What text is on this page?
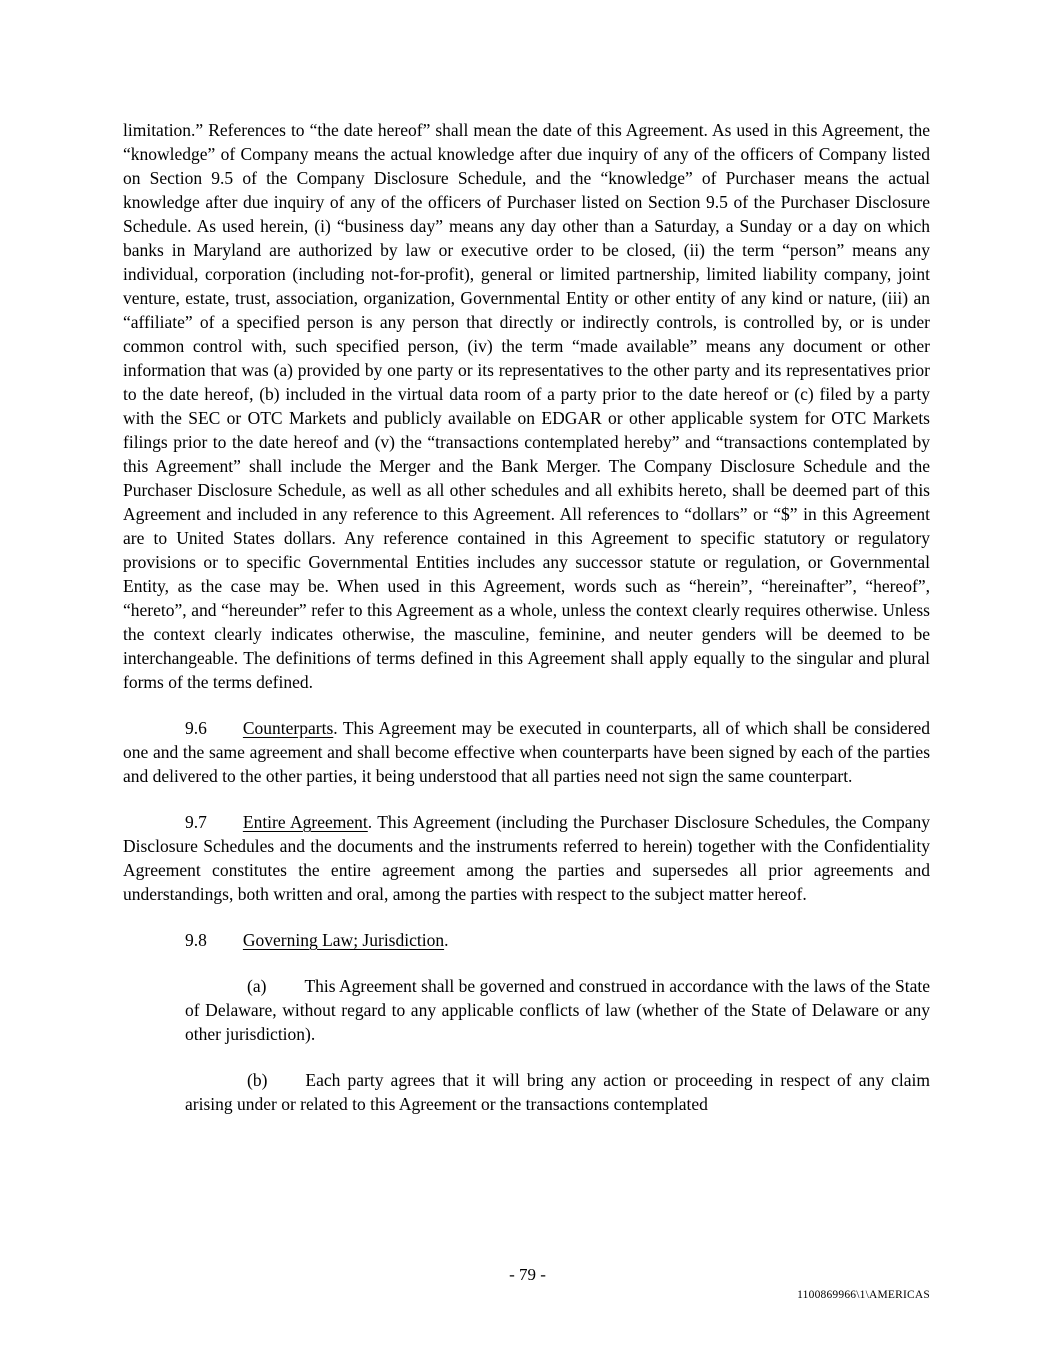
limitation.” References to “the date hereof” shall mean the date of this Agreement. As used in this Agreement, the “knowledge” of Company means the actual knowledge after due inquiry of any of the officers of Company listed on Section 9.5 of the Company Disclosure Schedule, and the “knowledge” of Purchaser means the actual knowledge after due inquiry of any of the officers of Purchaser listed on Section 9.5 of the Purchaser Disclosure Schedule. As used herein, (i) “business day” means any day other than a Saturday, a Sunday or a day on which banks in Maryland are authorized by law or executive order to be closed, (ii) the term “person” means any individual, corporation (including not-for-profit), general or limited partnership, limited liability company, joint venture, estate, trust, association, organization, Governmental Entity or other entity of any kind or nature, (iii) an “affiliate” of a specified person is any person that directly or indirectly controls, is controlled by, or is under common control with, such specified person, (iv) the term “made available” means any document or other information that was (a) provided by one party or its representatives to the other party and its representatives prior to the date hereof, (b) included in the virtual data room of a party prior to the date hereof or (c) filed by a party with the SEC or OTC Markets and publicly available on EDGAR or other applicable system for OTC Markets filings prior to the date hereof and (v) the “transactions contemplated hereby” and “transactions contemplated by this Agreement” shall include the Merger and the Bank Merger. The Company Disclosure Schedule and the Purchaser Disclosure Schedule, as well as all other schedules and all exhibits hereto, shall be deemed part of this Agreement and included in any reference to this Agreement. All references to “dollars” or “$” in this Agreement are to United States dollars. Any reference contained in this Agreement to specific statutory or regulatory provisions or to specific Governmental Entities includes any successor statute or regulation, or Governmental Entity, as the case may be. When used in this Agreement, words such as “herein”, “hereinafter”, “hereof”, “hereto”, and “hereunder” refer to this Agreement as a whole, unless the context clearly requires otherwise. Unless the context clearly indicates otherwise, the masculine, feminine, and neuter genders will be deemed to be interchangeable. The definitions of terms defined in this Agreement shall apply equally to the singular and plural forms of the terms defined.

9.6 Counterparts. This Agreement may be executed in counterparts, all of which shall be considered one and the same agreement and shall become effective when counterparts have been signed by each of the parties and delivered to the other parties, it being understood that all parties need not sign the same counterpart.

9.7 Entire Agreement. This Agreement (including the Purchaser Disclosure Schedules, the Company Disclosure Schedules and the documents and the instruments referred to herein) together with the Confidentiality Agreement constitutes the entire agreement among the parties and supersedes all prior agreements and understandings, both written and oral, among the parties with respect to the subject matter hereof.

9.8 Governing Law; Jurisdiction.

(a) This Agreement shall be governed and construed in accordance with the laws of the State of Delaware, without regard to any applicable conflicts of law (whether of the State of Delaware or any other jurisdiction).

(b) Each party agrees that it will bring any action or proceeding in respect of any claim arising under or related to this Agreement or the transactions contemplated

- 79 -
1100869966\1\AMERICAS
